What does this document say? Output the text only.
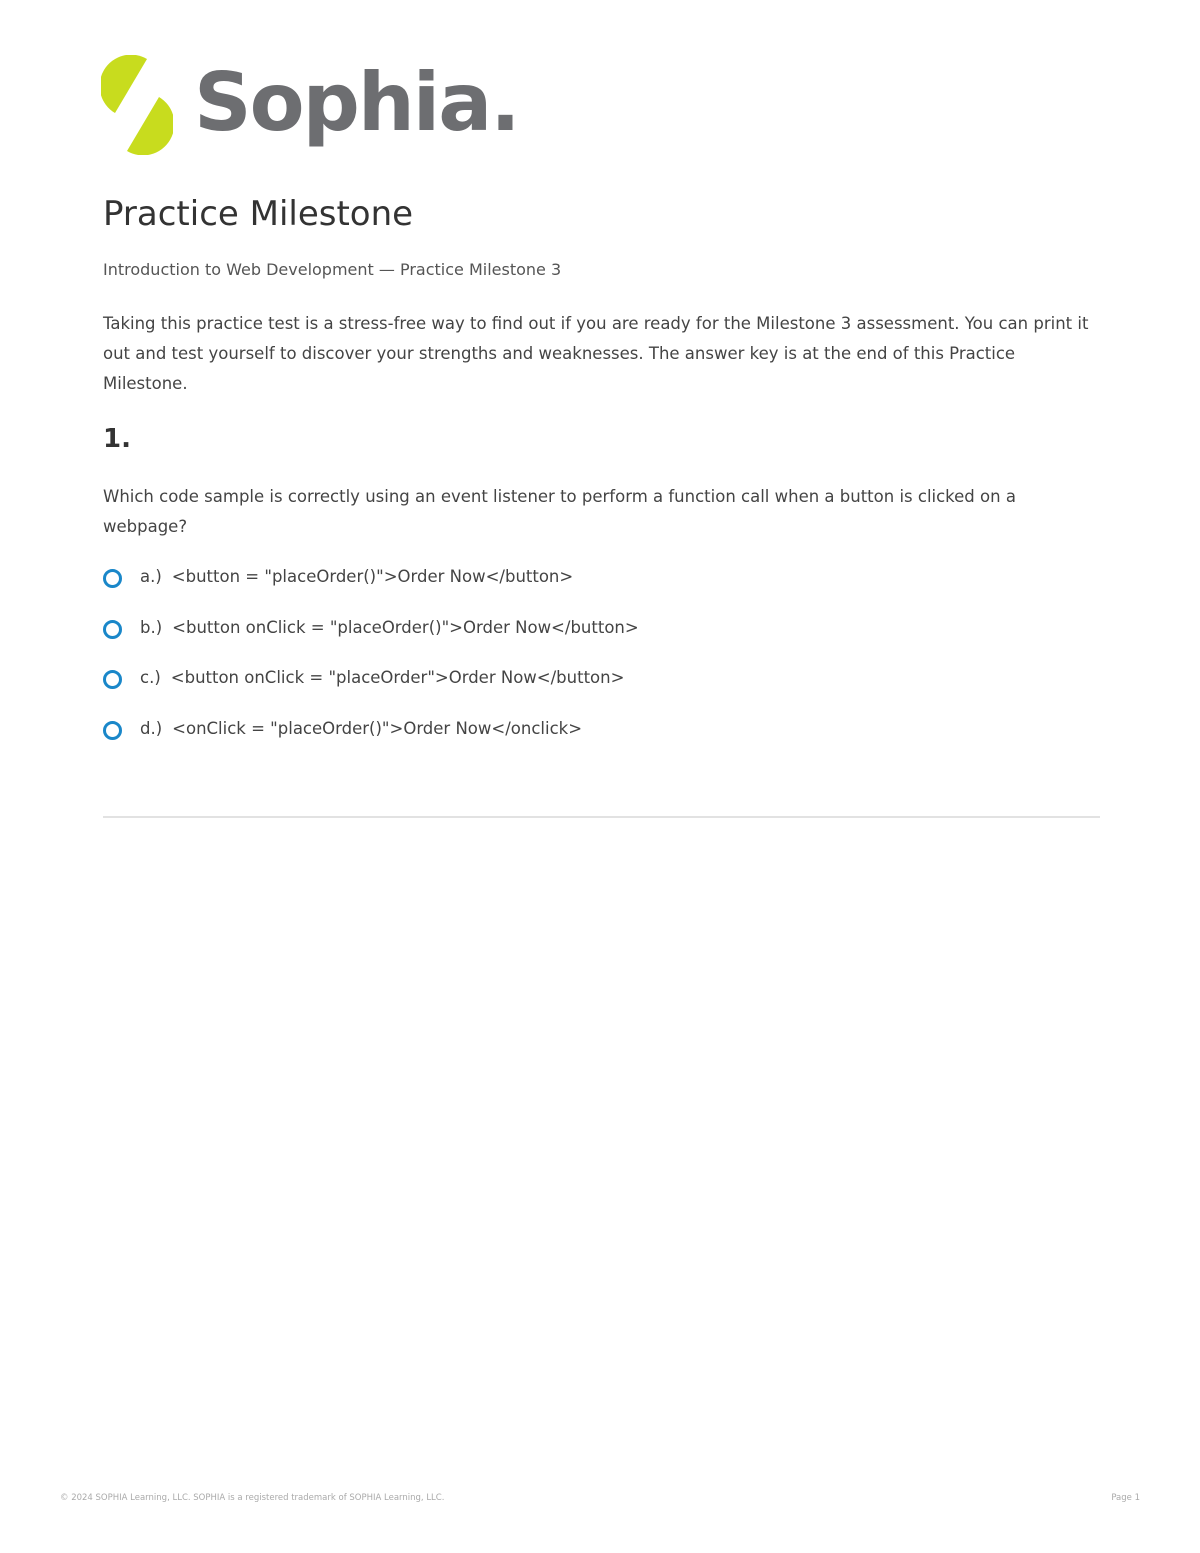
Sophia.
Practice Milestone
Introduction to Web Development — Practice Milestone 3

Taking this practice test is a stress-free way to find out if you are ready for the Milestone 3 assessment. You can print it out and test yourself to discover your strengths and weaknesses. The answer key is at the end of this Practice Milestone.

1.

Which code sample is correctly using an event listener to perform a function call when a button is clicked on a webpage?

a.) <button = "placeOrder()">Order Now</button>
b.) <button onClick = "placeOrder()">Order Now</button>
c.) <button onClick = "placeOrder">Order Now</button>
d.) <onClick = "placeOrder()">Order Now</onclick>
© 2024 SOPHIA Learning, LLC. SOPHIA is a registered trademark of SOPHIA Learning, LLC.	Page 1
